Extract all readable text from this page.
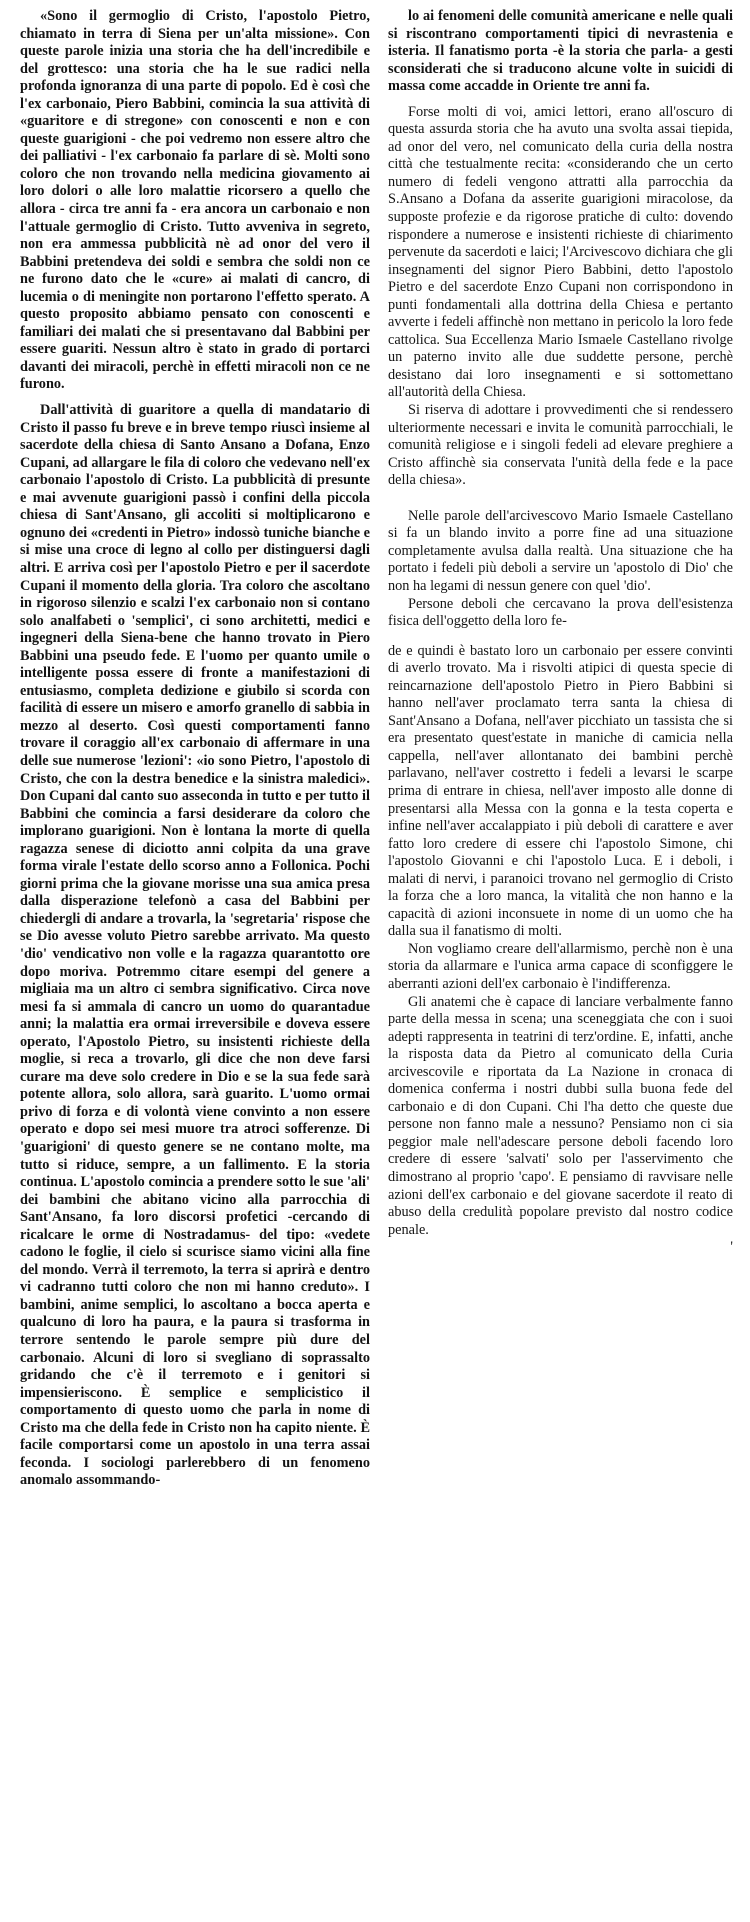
«Sono il germoglio di Cristo, l'apostolo Pietro, chiamato in terra di Siena per un'alta missione». Con queste parole inizia una storia che ha dell'incredibile e del grottesco: una storia che ha le sue radici nella profonda ignoranza di una parte di popolo. Ed è così che l'ex carbonaio, Piero Babbini, comincia la sua attività di «guaritore e di stregone» con conoscenti e non e con queste guarigioni - che poi vedremo non essere altro che dei palliativi - l'ex carbonaio fa parlare di sè. Molti sono coloro che non trovando nella medicina giovamento ai loro dolori o alle loro malattie ricorsero a quello che allora - circa tre anni fa - era ancora un carbonaio e non l'attuale germoglio di Cristo. Tutto avveniva in segreto, non era ammessa pubblicità nè ad onor del vero il Babbini pretendeva dei soldi e sembra che soldi non ce ne furono dato che le «cure» ai malati di cancro, di lucemia o di meningite non portarono l'effetto sperato. A questo proposito abbiamo pensato con conoscenti e familiari dei malati che si presentavano dal Babbini per essere guariti. Nessun altro è stato in grado di portarci davanti dei miracoli, perchè in effetti miracoli non ce ne furono.

Dall'attività di guaritore a quella di mandatario di Cristo il passo fu breve e in breve tempo riuscì insieme al sacerdote della chiesa di Santo Ansano a Dofana, Enzo Cupani, ad allargare le fila di coloro che vedevano nell'ex carbonaio l'apostolo di Cristo. La pubblicità di presunte e mai avvenute guarigioni passò i confini della piccola chiesa di Sant'Ansano, gli accoliti si moltiplicarono e ognuno dei «credenti in Pietro» indossò tuniche bianche e si mise una croce di legno al collo per distinguersi dagli altri. E arriva così per l'apostolo Pietro e per il sacerdote Cupani il momento della gloria. Tra coloro che ascoltano in rigoroso silenzio e scalzi l'ex carbonaio non si contano solo analfabeti o 'semplici', ci sono architetti, medici e ingegneri della Siena-bene che hanno trovato in Piero Babbini una pseudo fede. E l'uomo per quanto umile o intelligente possa essere di fronte a manifestazioni di entusiasmo, completa dedizione e giubilo si scorda con facilità di essere un misero e amorfo granello di sabbia in mezzo al deserto. Così questi comportamenti fanno trovare il coraggio all'ex carbonaio di affermare in una delle sue numerose 'lezioni': «io sono Pietro, l'apostolo di Cristo, che con la destra benedice e la sinistra maledici». Don Cupani dal canto suo asseconda in tutto e per tutto il Babbini che comincia a farsi desiderare da coloro che implorano guarigioni. Non è lontana la morte di quella ragazza senese di diciotto anni colpita da una grave forma virale l'estate dello scorso anno a Follonica. Pochi giorni prima che la giovane morisse una sua amica presa dalla disperazione telefonò a casa del Babbini per chiedergli di andare a trovarla, la 'segretaria' rispose che se Dio avesse voluto Pietro sarebbe arrivato. Ma questo 'dio' vendicativo non volle e la ragazza quarantotto ore dopo moriva. Potremmo citare esempi del genere a migliaia ma un altro ci sembra significativo. Circa nove mesi fa si ammala di cancro un uomo do quarantadue anni; la malattia era ormai irreversibile e doveva essere operato, l'Apostolo Pietro, su insistenti richieste della moglie, si reca a trovarlo, gli dice che non deve farsi curare ma deve solo credere in Dio e se la sua fede sarà potente allora, solo allora, sarà guarito. L'uomo ormai privo di forza e di volontà viene convinto a non essere operato e dopo sei mesi muore tra atroci sofferenze. Di 'guarigioni' di questo genere se ne contano molte, ma tutto si riduce, sempre, a un fallimento. E la storia continua. L'apostolo comincia a prendere sotto le sue 'ali' dei bambini che abitano vicino alla parrocchia di Sant'Ansano, fa loro discorsi profetici -cercando di ricalcare le orme di Nostradamus- del tipo: «vedete cadono le foglie, il cielo si scurisce siamo vicini alla fine del mondo. Verrà il terremoto, la terra si aprirà e dentro vi cadranno tutti coloro che non mi hanno creduto». I bambini, anime semplici, lo ascoltano a bocca aperta e qualcuno di loro ha paura, e la paura si trasforma in terrore sentendo le parole sempre più dure del carbonaio. Alcuni di loro si svegliano di soprassalto gridando che c'è il terremoto e i genitori si impensieriscono. È semplice e semplicistico il comportamento di questo uomo che parla in nome di Cristo ma che della fede in Cristo non ha capito niente. È facile comportarsi come un apostolo in una terra assai feconda. I sociologi parlerebbero di un fenomeno anomalo assommando-

lo ai fenomeni delle comunità americane e nelle quali si riscontrano comportamenti tipici di nevrastenia e isteria. Il fanatismo porta -è la storia che parla- a gesti sconsiderati che si traducono alcune volte in suicidi di massa come accadde in Oriente tre anni fa.

Forse molti di voi, amici lettori, erano all'oscuro di questa assurda storia che ha avuto una svolta assai tiepida, ad onor del vero, nel comunicato della curia della nostra città che testualmente recita: «considerando che un certo numero di fedeli vengono attratti alla parrocchia da S.Ansano a Dofana da asserite guarigioni miracolose, da supposte profezie e da rigorose pratiche di culto: dovendo rispondere a numerose e insistenti richieste di chiarimento pervenute da sacerdoti e laici; l'Arcivescovo dichiara che gli insegnamenti del signor Piero Babbini, detto l'apostolo Pietro e del sacerdote Enzo Cupani non corrispondono in punti fondamentali alla dottrina della Chiesa e pertanto avverte i fedeli affinchè non mettano in pericolo la loro fede cattolica. Sua Eccellenza Mario Ismaele Castellano rivolge un paterno invito alle due suddette persone, perchè desistano dai loro insegnamenti e si sottomettano all'autorità della Chiesa.

Si riserva di adottare i provvedimenti che si rendessero ulteriormente necessari e invita le comunità parrocchiali, le comunità religiose e i singoli fedeli ad elevare preghiere a Cristo affinchè sia conservata l'unità della fede e la pace della chiesa».

Nelle parole dell'arcivescovo Mario Ismaele Castellano si fa un blando invito a porre fine ad una situazione completamente avulsa dalla realtà. Una situazione che ha portato i fedeli più deboli a servire un 'apostolo di Dio' che non ha legami di nessun genere con quel 'dio'.

Persone deboli che cercavano la prova dell'esistenza fisica dell'oggetto della loro fe-

de e quindi è bastato loro un carbonaio per essere convinti di averlo trovato. Ma i risvolti atipici di questa specie di reincarnazione dell'apostolo Pietro in Piero Babbini si hanno nell'aver proclamato terra santa la chiesa di Sant'Ansano a Dofana, nell'aver picchiato un tassista che si era presentato quest'estate in maniche di camicia nella cappella, nell'aver allontanato dei bambini perchè parlavano, nell'aver costretto i fedeli a levarsi le scarpe prima di entrare in chiesa, nell'aver imposto alle donne di presentarsi alla Messa con la gonna e la testa coperta e infine nell'aver accalappiato i più deboli di carattere e aver fatto loro credere di essere chi l'apostolo Simone, chi l'apostolo Giovanni e chi l'apostolo Luca. E i deboli, i malati di nervi, i paranoici trovano nel germoglio di Cristo la forza che a loro manca, la vitalità che non hanno e la capacità di azioni inconsuete in nome di un uomo che ha dalla sua il fanatismo di molti.

Non vogliamo creare dell'allarmismo, perchè non è una storia da allarmare e l'unica arma capace di sconfiggere le aberranti azioni dell'ex carbonaio è l'indifferenza.

Gli anatemi che è capace di lanciare verbalmente fanno parte della messa in scena; una sceneggiata che con i suoi adepti rappresenta in teatrini di terz'ordine. E, infatti, anche la risposta data da Pietro al comunicato della Curia arcivescovile e riportata da La Nazione in cronaca di domenica conferma i nostri dubbi sulla buona fede del carbonaio e di don Cupani. Chi l'ha detto che queste due persone non fanno male a nessuno? Pensiamo non ci sia peggior male nell'adescare persone deboli facendo loro credere di essere 'salvati' solo per l'asservimento che dimostrano al proprio 'capo'. E pensiamo di ravvisare nelle azioni dell'ex carbonaio e del giovane sacerdote il reato di abuso della credulità popolare previsto dal nostro codice penale.

'
